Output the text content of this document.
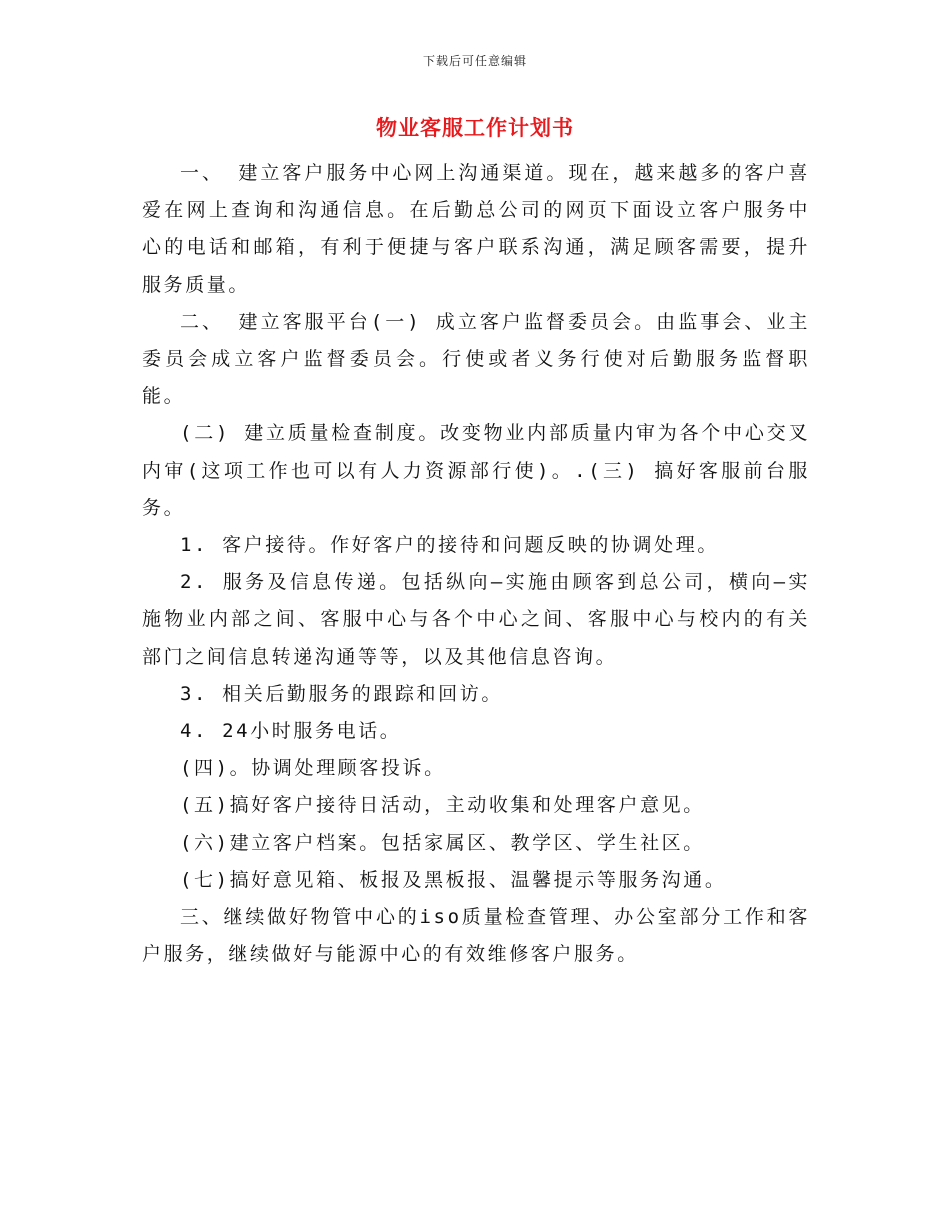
下载后可任意编辑
物业客服工作计划书

一、 建立客户服务中心网上沟通渠道。现在，越来越多的客户喜爱在网上查询和沟通信息。在后勤总公司的网页下面设立客户服务中心的电话和邮箱，有利于便捷与客户联系沟通，满足顾客需要，提升服务质量。

二、 建立客服平台(一) 成立客户监督委员会。由监事会、业主委员会成立客户监督委员会。行使或者义务行使对后勤服务监督职能。

(二) 建立质量检查制度。改变物业内部质量内审为各个中心交叉内审(这项工作也可以有人力资源部行使)。.(三) 搞好客服前台服务。

1. 客户接待。作好客户的接待和问题反映的协调处理。

2. 服务及信息传递。包括纵向—实施由顾客到总公司，横向—实施物业内部之间、客服中心与各个中心之间、客服中心与校内的有关部门之间信息转递沟通等等，以及其他信息咨询。

3. 相关后勤服务的跟踪和回访。

4. 24小时服务电话。

(四)。协调处理顾客投诉。

(五)搞好客户接待日活动，主动收集和处理客户意见。

(六)建立客户档案。包括家属区、教学区、学生社区。

(七)搞好意见箱、板报及黑板报、温馨提示等服务沟通。

三、继续做好物管中心的iso质量检查管理、办公室部分工作和客户服务，继续做好与能源中心的有效维修客户服务。
